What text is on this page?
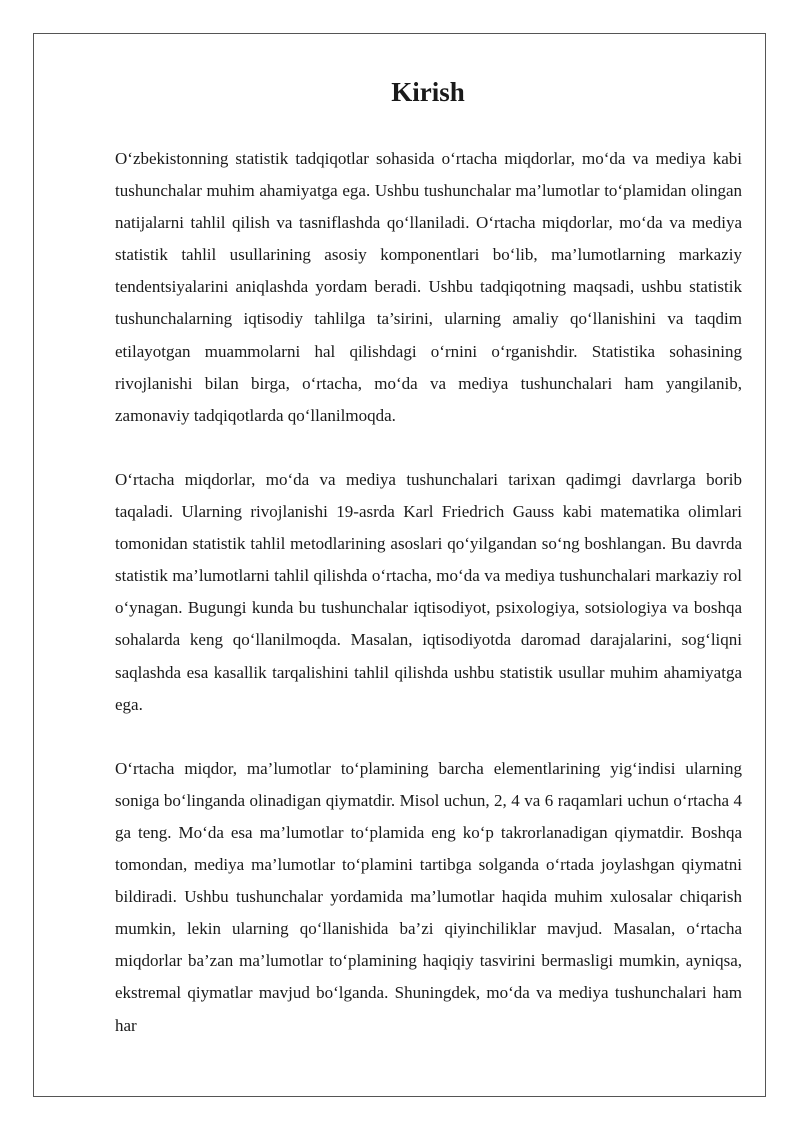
Kirish

O‘zbekistonning statistik tadqiqotlar sohasida o‘rtacha miqdorlar, mo‘da va mediya kabi tushunchalar muhim ahamiyatga ega. Ushbu tushunchalar ma’lumotlar to‘plamidan olingan natijalarni tahlil qilish va tasniflashda qo‘llaniladi. O‘rtacha miqdorlar, mo‘da va mediya statistik tahlil usullarining asosiy komponentlari bo‘lib, ma’lumotlarning markaziy tendentsiyalarini aniqlashda yordam beradi. Ushbu tadqiqotning maqsadi, ushbu statistik tushunchalarning iqtisodiy tahlilga ta’sirini, ularning amaliy qo‘llanishini va taqdim etilayotgan muammolarni hal qilishdagi o‘rnini o‘rganishdir. Statistika sohasining rivojlanishi bilan birga, o‘rtacha, mo‘da va mediya tushunchalari ham yangilanib, zamonaviy tadqiqotlarda qo‘llanilmoqda.

O‘rtacha miqdorlar, mo‘da va mediya tushunchalari tarixan qadimgi davrlarga borib taqaladi. Ularning rivojlanishi 19-asrda Karl Friedrich Gauss kabi matematika olimlari tomonidan statistik tahlil metodlarining asoslari qo‘yilgandan so‘ng boshlangan. Bu davrda statistik ma’lumotlarni tahlil qilishda o‘rtacha, mo‘da va mediya tushunchalari markaziy rol o‘ynagan. Bugungi kunda bu tushunchalar iqtisodiyot, psixologiya, sotsiologiya va boshqa sohalarda keng qo‘llanilmoqda. Masalan, iqtisodiyotda daromad darajalarini, sog‘liqni saqlashda esa kasallik tarqalishini tahlil qilishda ushbu statistik usullar muhim ahamiyatga ega.

O‘rtacha miqdor, ma’lumotlar to‘plamining barcha elementlarining yig‘indisi ularning soniga bo‘linganda olinadigan qiymatdir. Misol uchun, 2, 4 va 6 raqamlari uchun o‘rtacha 4 ga teng. Mo‘da esa ma’lumotlar to‘plamida eng ko‘p takrorlanadigan qiymatdir. Boshqa tomondan, mediya ma’lumotlar to‘plamini tartibga solganda o‘rtada joylashgan qiymatni bildiradi. Ushbu tushunchalar yordamida ma’lumotlar haqida muhim xulosalar chiqarish mumkin, lekin ularning qo‘llanishida ba’zi qiyinchiliklar mavjud. Masalan, o‘rtacha miqdorlar ba’zan ma’lumotlar to‘plamining haqiqiy tasvirini bermasligi mumkin, ayniqsa, ekstremal qiymatlar mavjud bo‘lganda. Shuningdek, mo‘da va mediya tushunchalari ham har
